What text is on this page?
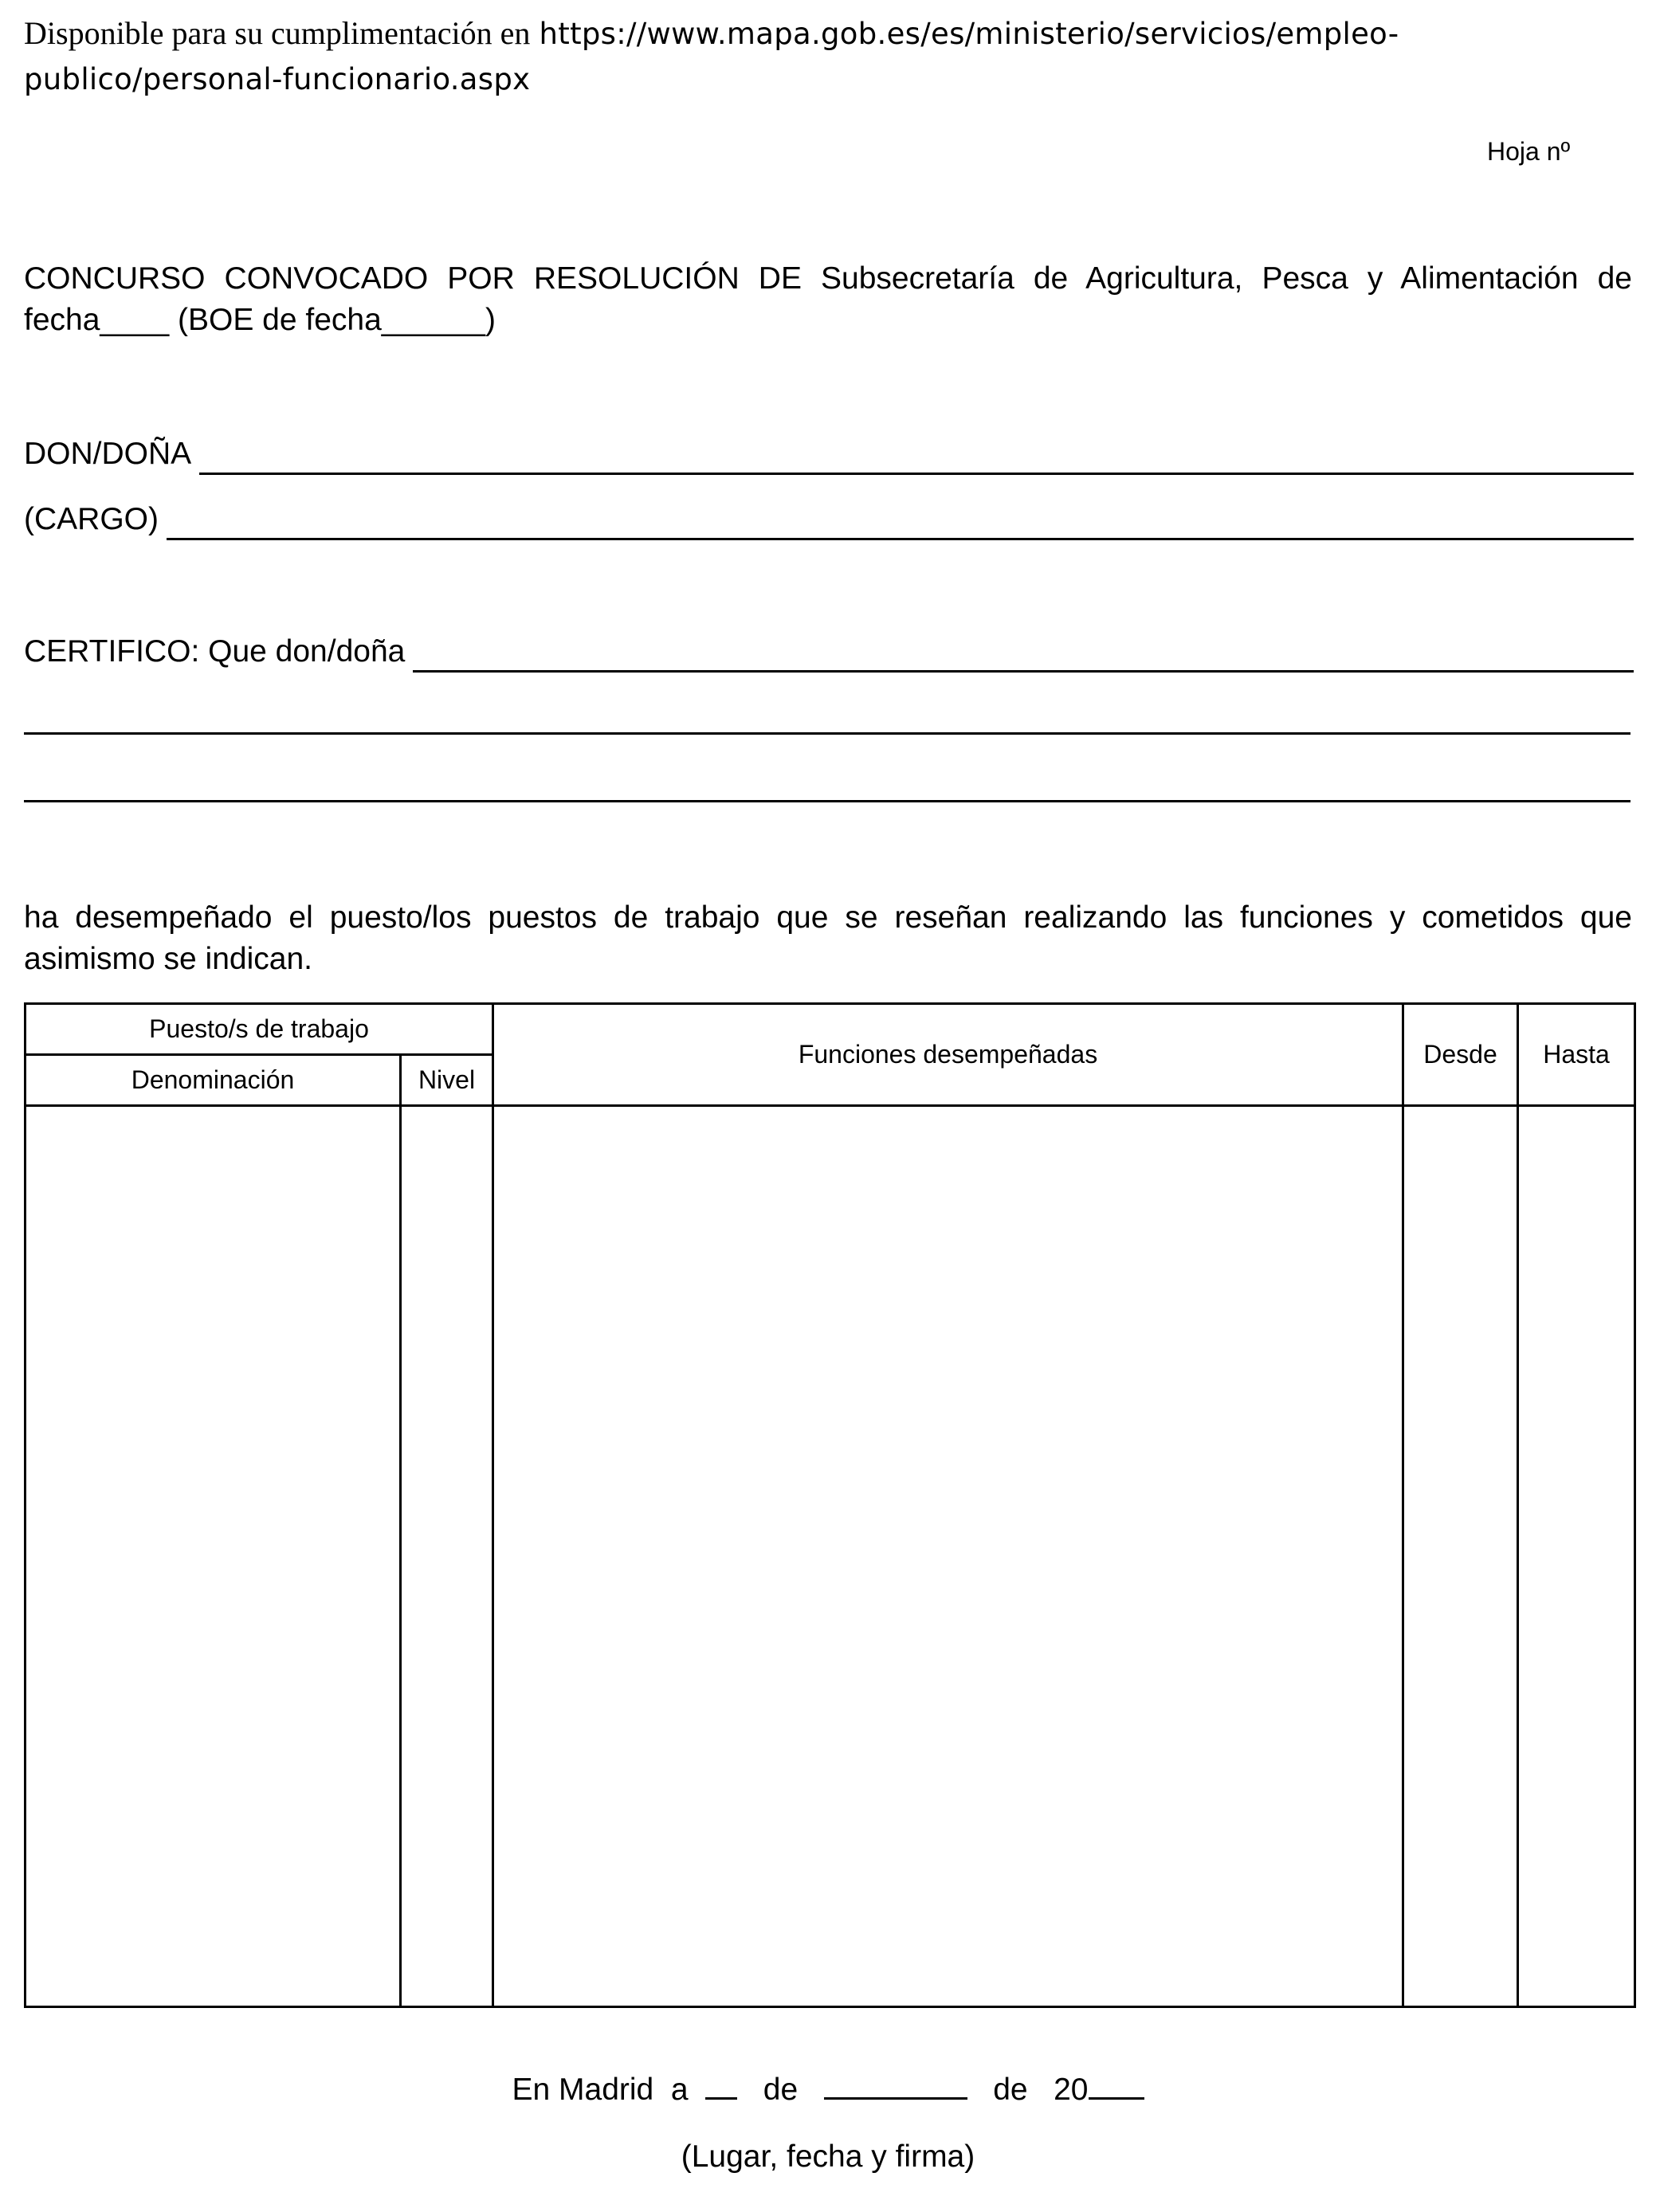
Disponible para su cumplimentación en https://www.mapa.gob.es/es/ministerio/servicios/empleo-
publico/personal-funcionario.aspx
Hoja nº
CONCURSO CONVOCADO POR RESOLUCIÓN DE Subsecretaría de Agricultura, Pesca y Alimentación de
fecha____ (BOE de fecha______)
DON/DOÑA
(CARGO)
CERTIFICO: Que don/doña
ha desempeñado el puesto/los puestos de trabajo que se reseñan realizando las funciones y cometidos que
asimismo se indican.
Puesto/s de trabajo		Funciones desempeñadas	Desde	Hasta
Denominación	Nivel			

En Madrid  a de	de 20
(Lugar, fecha y firma)
